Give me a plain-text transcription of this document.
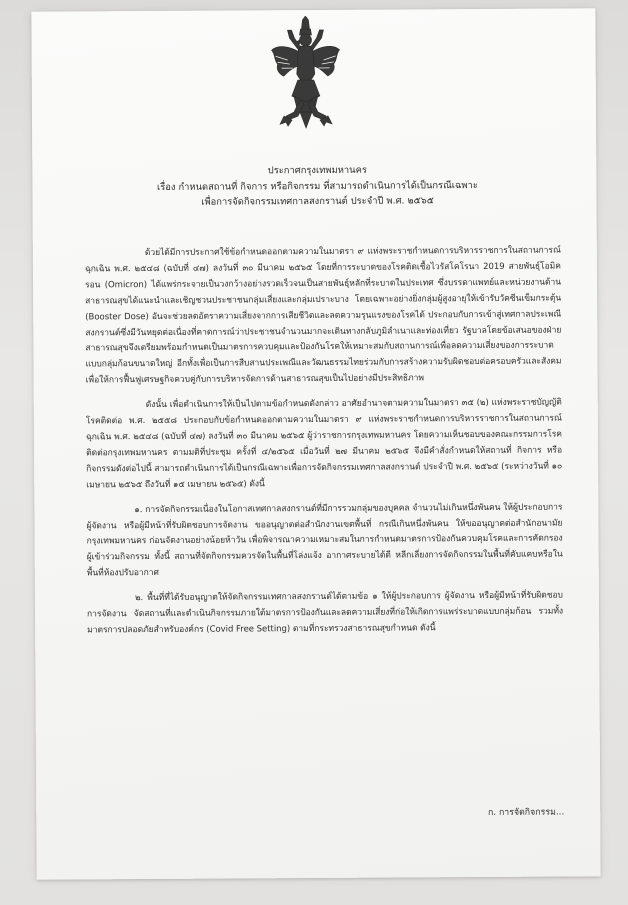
ประกาศกรุงเทพมหานคร
เรื่อง กำหนดสถานที่ กิจการ หรือกิจกรรม ที่สามารถดำเนินการได้เป็นกรณีเฉพาะ
เพื่อการจัดกิจกรรมเทศกาลสงกรานต์ ประจำปี พ.ศ. ๒๕๖๕

ด้วยได้มีการประกาศใช้ข้อกำหนดออกตามความในมาตรา ๙ แห่งพระราชกำหนดการบริหารราชการในสถานการณ์ฉุกเฉิน พ.ศ. ๒๕๔๘ (ฉบับที่ ๔๗) ลงวันที่ ๓๐ มีนาคม ๒๕๖๕ โดยที่การระบาดของโรคติดเชื้อไวรัสโคโรนา 2019 สายพันธุ์โอมิครอน (Omicron) ได้แพร่กระจายเป็นวงกว้างอย่างรวดเร็วจนเป็นสายพันธุ์หลักที่ระบาดในประเทศ ซึ่งบรรดาแพทย์และหน่วยงานด้านสาธารณสุขได้แนะนำและเชิญชวนประชาชนกลุ่มเสี่ยงและกลุ่มเปราะบาง โดยเฉพาะอย่างยิ่งกลุ่มผู้สูงอายุให้เข้ารับวัคซีนเข็มกระตุ้น (Booster Dose) อันจะช่วยลดอัตราความเสี่ยงจากการเสียชีวิตและลดความรุนแรงของโรคได้ ประกอบกับการเข้าสู่เทศกาลประเพณีสงกรานต์ซึ่งมีวันหยุดต่อเนื่องที่คาดการณ์ว่าประชาชนจำนวนมากจะเดินทางกลับภูมิลำเนาและท่องเที่ยว รัฐบาลโดยข้อเสนอของฝ่ายสาธารณสุขจึงเตรียมพร้อมกำหนดเป็นมาตรการควบคุมและป้องกันโรคให้เหมาะสมกับสถานการณ์เพื่อลดความเสี่ยงของการระบาดแบบกลุ่มก้อนขนาดใหญ่ อีกทั้งเพื่อเป็นการสืบสานประเพณีและวัฒนธรรมไทยร่วมกับการสร้างความรับผิดชอบต่อครอบครัวและสังคม เพื่อให้การฟื้นฟูเศรษฐกิจควบคู่กับการบริหารจัดการด้านสาธารณสุขเป็นไปอย่างมีประสิทธิภาพ

ดังนั้น เพื่อดำเนินการให้เป็นไปตามข้อกำหนดดังกล่าว อาศัยอำนาจตามความในมาตรา ๓๕ (๒) แห่งพระราชบัญญัติโรคติดต่อ พ.ศ. ๒๕๕๘ ประกอบกับข้อกำหนดออกตามความในมาตรา ๙ แห่งพระราชกำหนดการบริหารราชการในสถานการณ์ฉุกเฉิน พ.ศ. ๒๕๔๘ (ฉบับที่ ๔๗) ลงวันที่ ๓๐ มีนาคม ๒๕๖๕ ผู้ว่าราชการกรุงเทพมหานคร โดยความเห็นชอบของคณะกรรมการโรคติดต่อกรุงเทพมหานคร ตามมติที่ประชุม ครั้งที่ ๔/๒๕๖๕ เมื่อวันที่ ๒๗ มีนาคม ๒๕๖๕ จึงมีคำสั่งกำหนดให้สถานที่ กิจการ หรือกิจกรรมดังต่อไปนี้ สามารถดำเนินการได้เป็นกรณีเฉพาะเพื่อการจัดกิจกรรมเทศกาลสงกรานต์ ประจำปี พ.ศ. ๒๕๖๕ (ระหว่างวันที่ ๑๐ เมษายน ๒๕๖๕ ถึงวันที่ ๑๕ เมษายน ๒๕๖๕) ดังนี้

๑. การจัดกิจกรรมเนื่องในโอกาสเทศกาลสงกรานต์ที่มีการรวมกลุ่มของบุคคล จำนวนไม่เกินหนึ่งพันคน ให้ผู้ประกอบการ ผู้จัดงาน หรือผู้มีหน้าที่รับผิดชอบการจัดงาน ขออนุญาตต่อสำนักงานเขตพื้นที่ กรณีเกินหนึ่งพันคน ให้ขออนุญาตต่อสำนักอนามัย กรุงเทพมหานคร ก่อนจัดงานอย่างน้อยห้าวัน เพื่อพิจารณาความเหมาะสมในการกำหนดมาตรการป้องกันควบคุมโรคและการคัดกรองผู้เข้าร่วมกิจกรรม ทั้งนี้ สถานที่จัดกิจกรรมควรจัดในพื้นที่โล่งแจ้ง อากาศระบายได้ดี หลีกเลี่ยงการจัดกิจกรรมในพื้นที่คับแคบหรือในพื้นที่ห้องปรับอากาศ

๒. พื้นที่ที่ได้รับอนุญาตให้จัดกิจกรรมเทศกาลสงกรานต์ได้ตามข้อ ๑ ให้ผู้ประกอบการ ผู้จัดงาน หรือผู้มีหน้าที่รับผิดชอบการจัดงาน จัดสถานที่และดำเนินกิจกรรมภายใต้มาตรการป้องกันและลดความเสี่ยงที่ก่อให้เกิดการแพร่ระบาดแบบกลุ่มก้อน รวมทั้งมาตรการปลอดภัยสำหรับองค์กร (Covid Free Setting) ตามที่กระทรวงสาธารณสุขกำหนด ดังนี้

ก. การจัดกิจกรรม...
